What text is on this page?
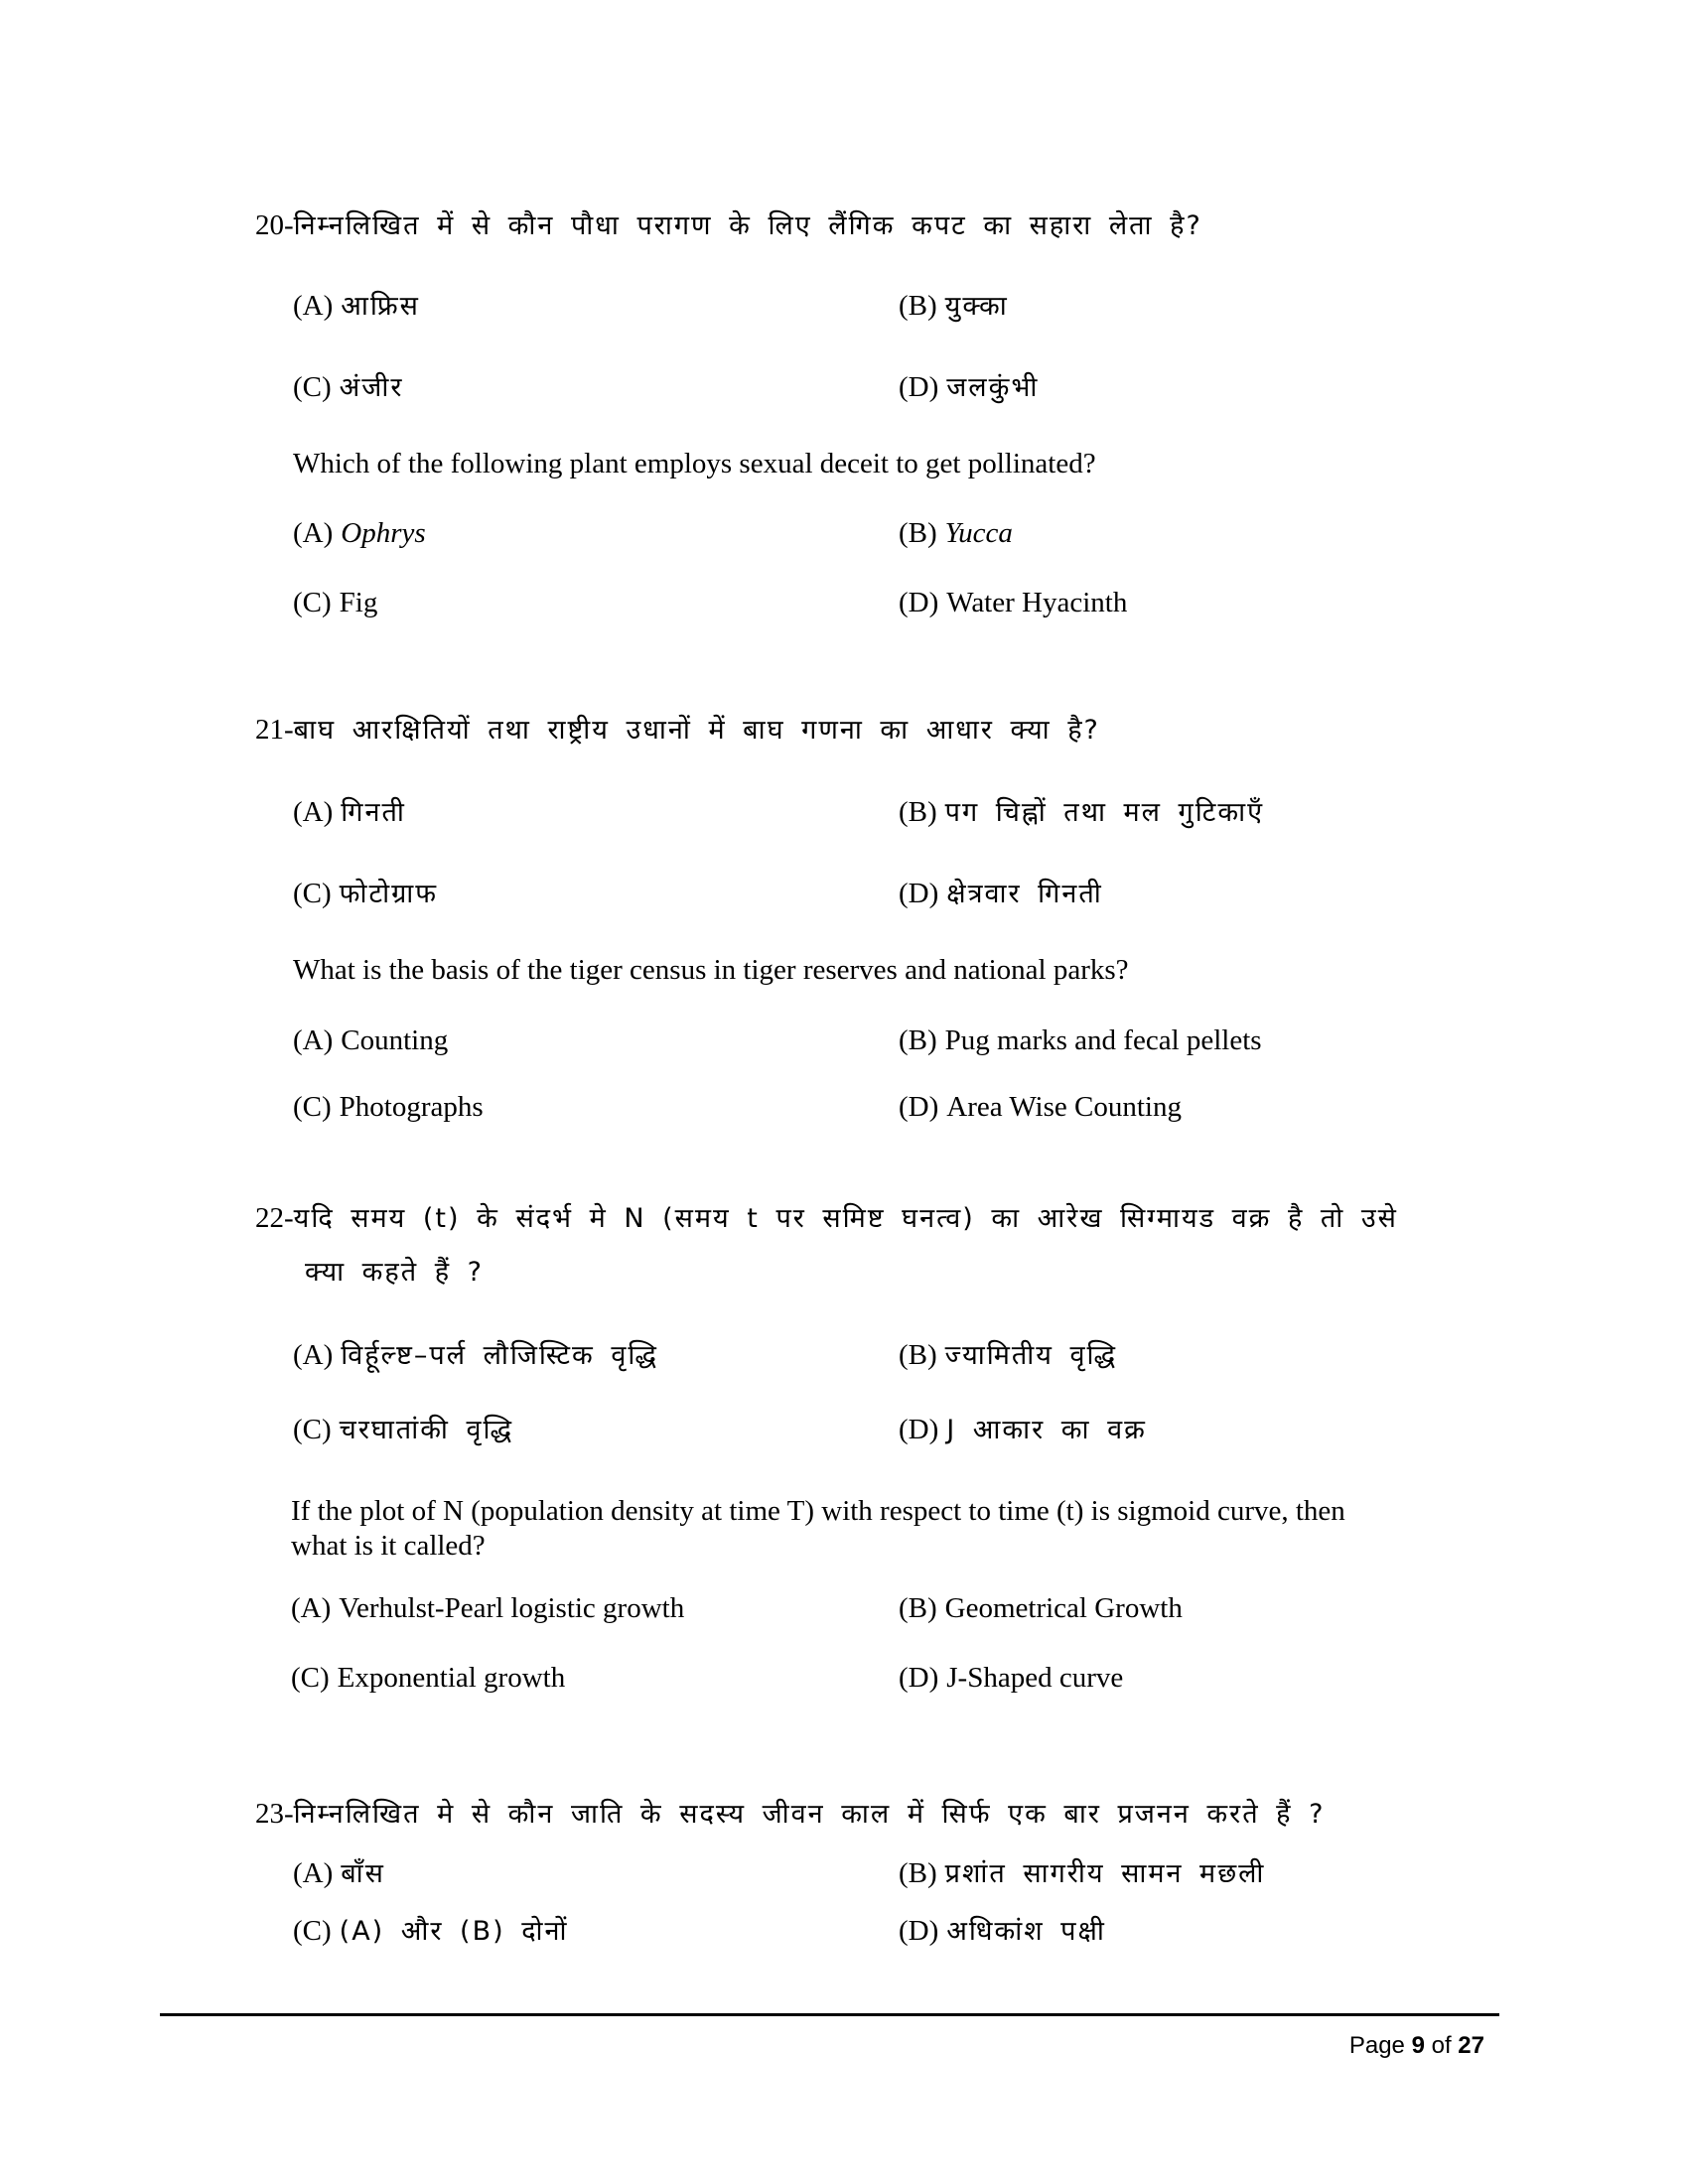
20-निम्नलिखित में से कौन पौधा परागण के लिए लैंगिक कपट का सहारा लेता है?
(A) आफ्रिस	(B) युक्का
(C) अंजीर	(D) जलकुंभी
Which of the following plant employs sexual deceit to get pollinated?
(A) Ophrys	(B) Yucca
(C) Fig	(D) Water Hyacinth
21-बाघ आरक्षितियों तथा राष्ट्रीय उधानों में बाघ गणना का आधार क्या है?
(A) गिनती	(B) पग चिह्नों तथा मल गुटिकाएँ
(C) फोटोग्राफ	(D) क्षेत्रवार गिनती
What is the basis of the tiger census in tiger reserves and national parks?
(A) Counting	(B) Pug marks and fecal pellets
(C) Photographs	(D) Area Wise Counting
22-यदि समय (t) के संदर्भ मे N (समय t पर समिष्ट घनत्व) का आरेख सिग्मायड वक्र है तो उसे
क्या कहते हैं ?
(A) विर्हूल्ष्ट–पर्ल लौजिस्टिक वृद्धि	(B) ज्यामितीय वृद्धि
(C) चरघातांकी वृद्धि	(D) J आकार का वक्र
If the plot of N (population density at time T) with respect to time (t) is sigmoid curve, then
what is it called?
(A) Verhulst-Pearl logistic growth	(B) Geometrical Growth
(C) Exponential growth	(D) J-Shaped curve
23-निम्नलिखित मे से कौन जाति के सदस्य जीवन काल में सिर्फ एक बार प्रजनन करते हैं ?
(A) बाँस	(B) प्रशांत सागरीय सामन मछली
(C) (A) और (B) दोनों	(D) अधिकांश पक्षी
Page 9 of 27
